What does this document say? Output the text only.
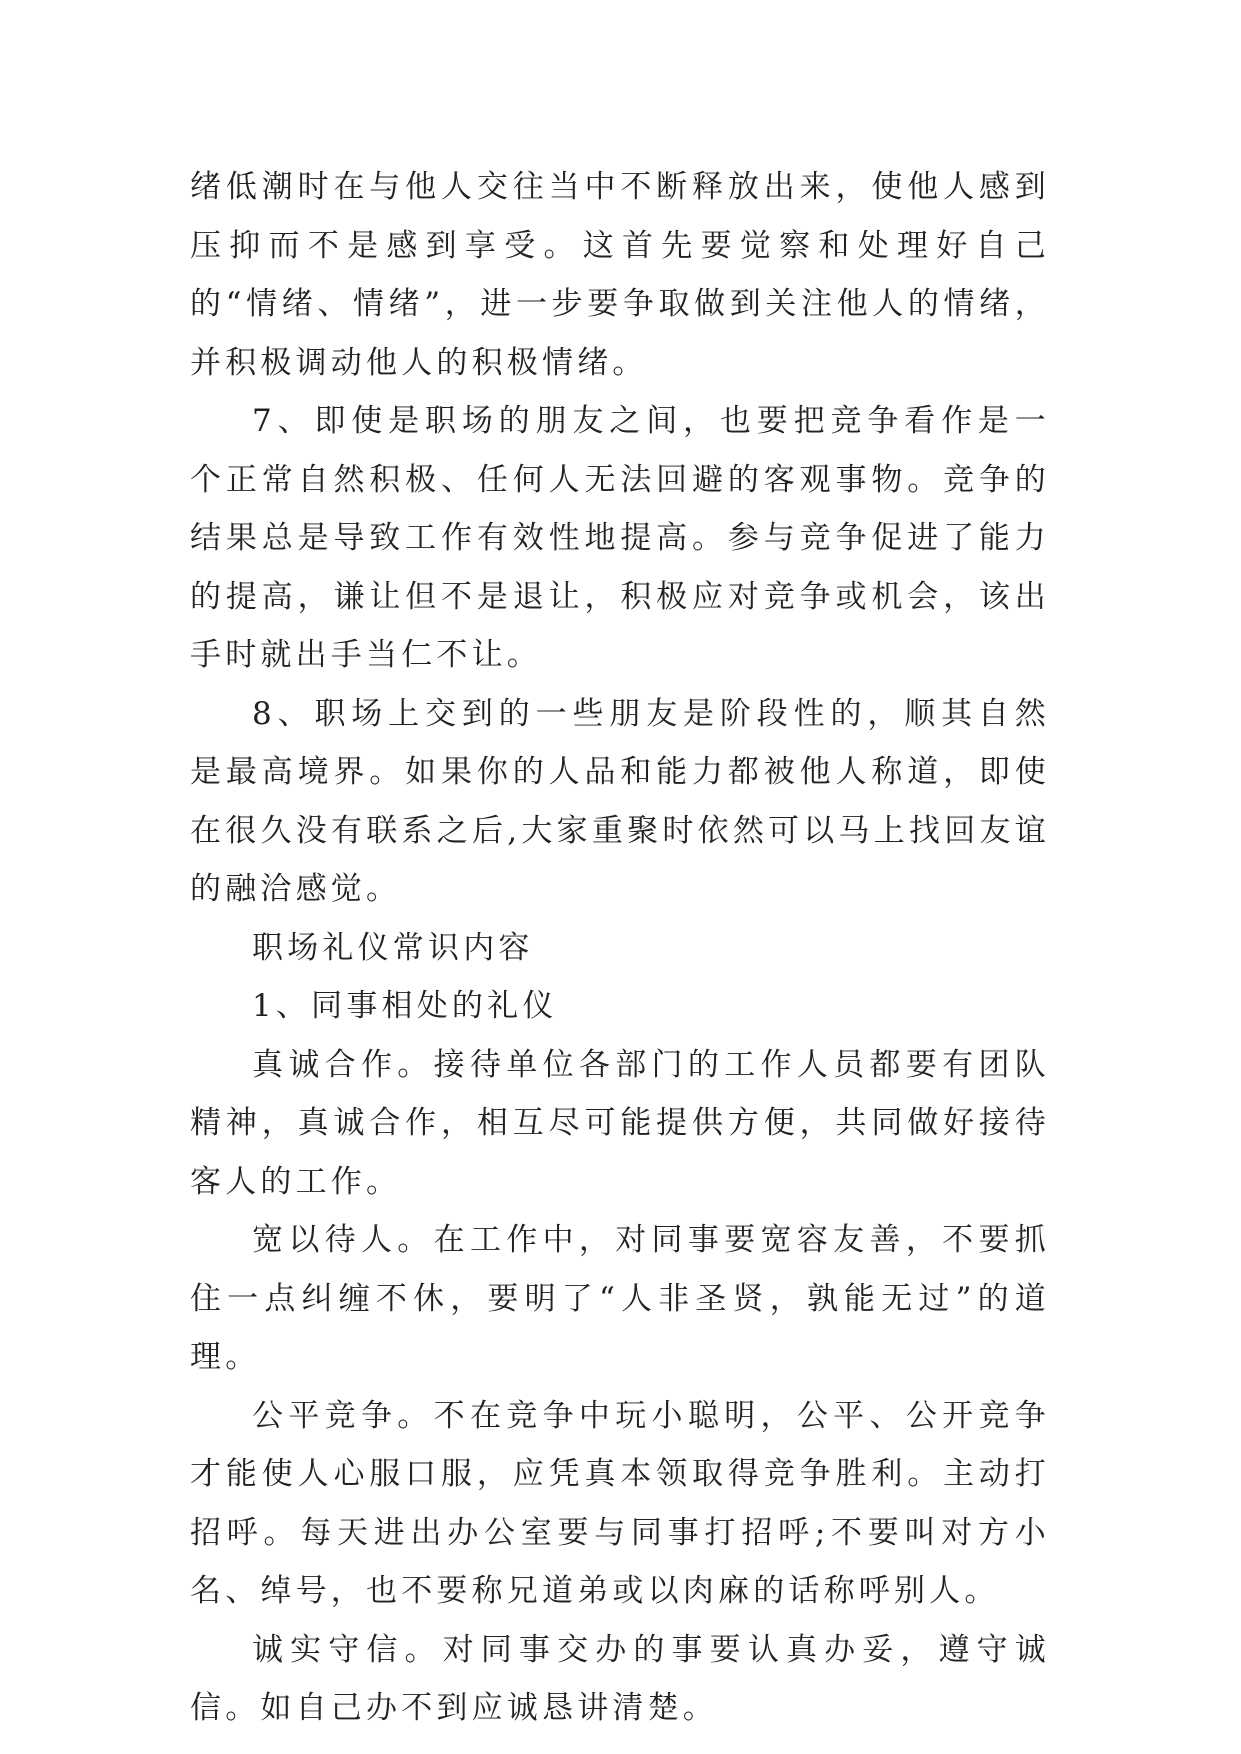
绪低潮时在与他人交往当中不断释放出来，使他人感到压抑而不是感到享受。这首先要觉察和处理好自己的“情绪、情绪”，进一步要争取做到关注他人的情绪，并积极调动他人的积极情绪。

7、即使是职场的朋友之间，也要把竞争看作是一个正常自然积极、任何人无法回避的客观事物。竞争的结果总是导致工作有效性地提高。参与竞争促进了能力的提高，谦让但不是退让，积极应对竞争或机会，该出手时就出手当仁不让。

8、职场上交到的一些朋友是阶段性的，顺其自然是最高境界。如果你的人品和能力都被他人称道，即使在很久没有联系之后,大家重聚时依然可以马上找回友谊的融洽感觉。

职场礼仪常识内容

1、同事相处的礼仪

真诚合作。接待单位各部门的工作人员都要有团队精神，真诚合作，相互尽可能提供方便，共同做好接待客人的工作。

宽以待人。在工作中，对同事要宽容友善，不要抓住一点纠缠不休，要明了“人非圣贤，孰能无过”的道理。

公平竞争。不在竞争中玩小聪明，公平、公开竞争才能使人心服口服，应凭真本领取得竞争胜利。主动打招呼。每天进出办公室要与同事打招呼;不要叫对方小名、绰号，也不要称兄道弟或以肉麻的话称呼别人。

诚实守信。对同事交办的事要认真办妥，遵守诚信。如自己办不到应诚恳讲清楚。
